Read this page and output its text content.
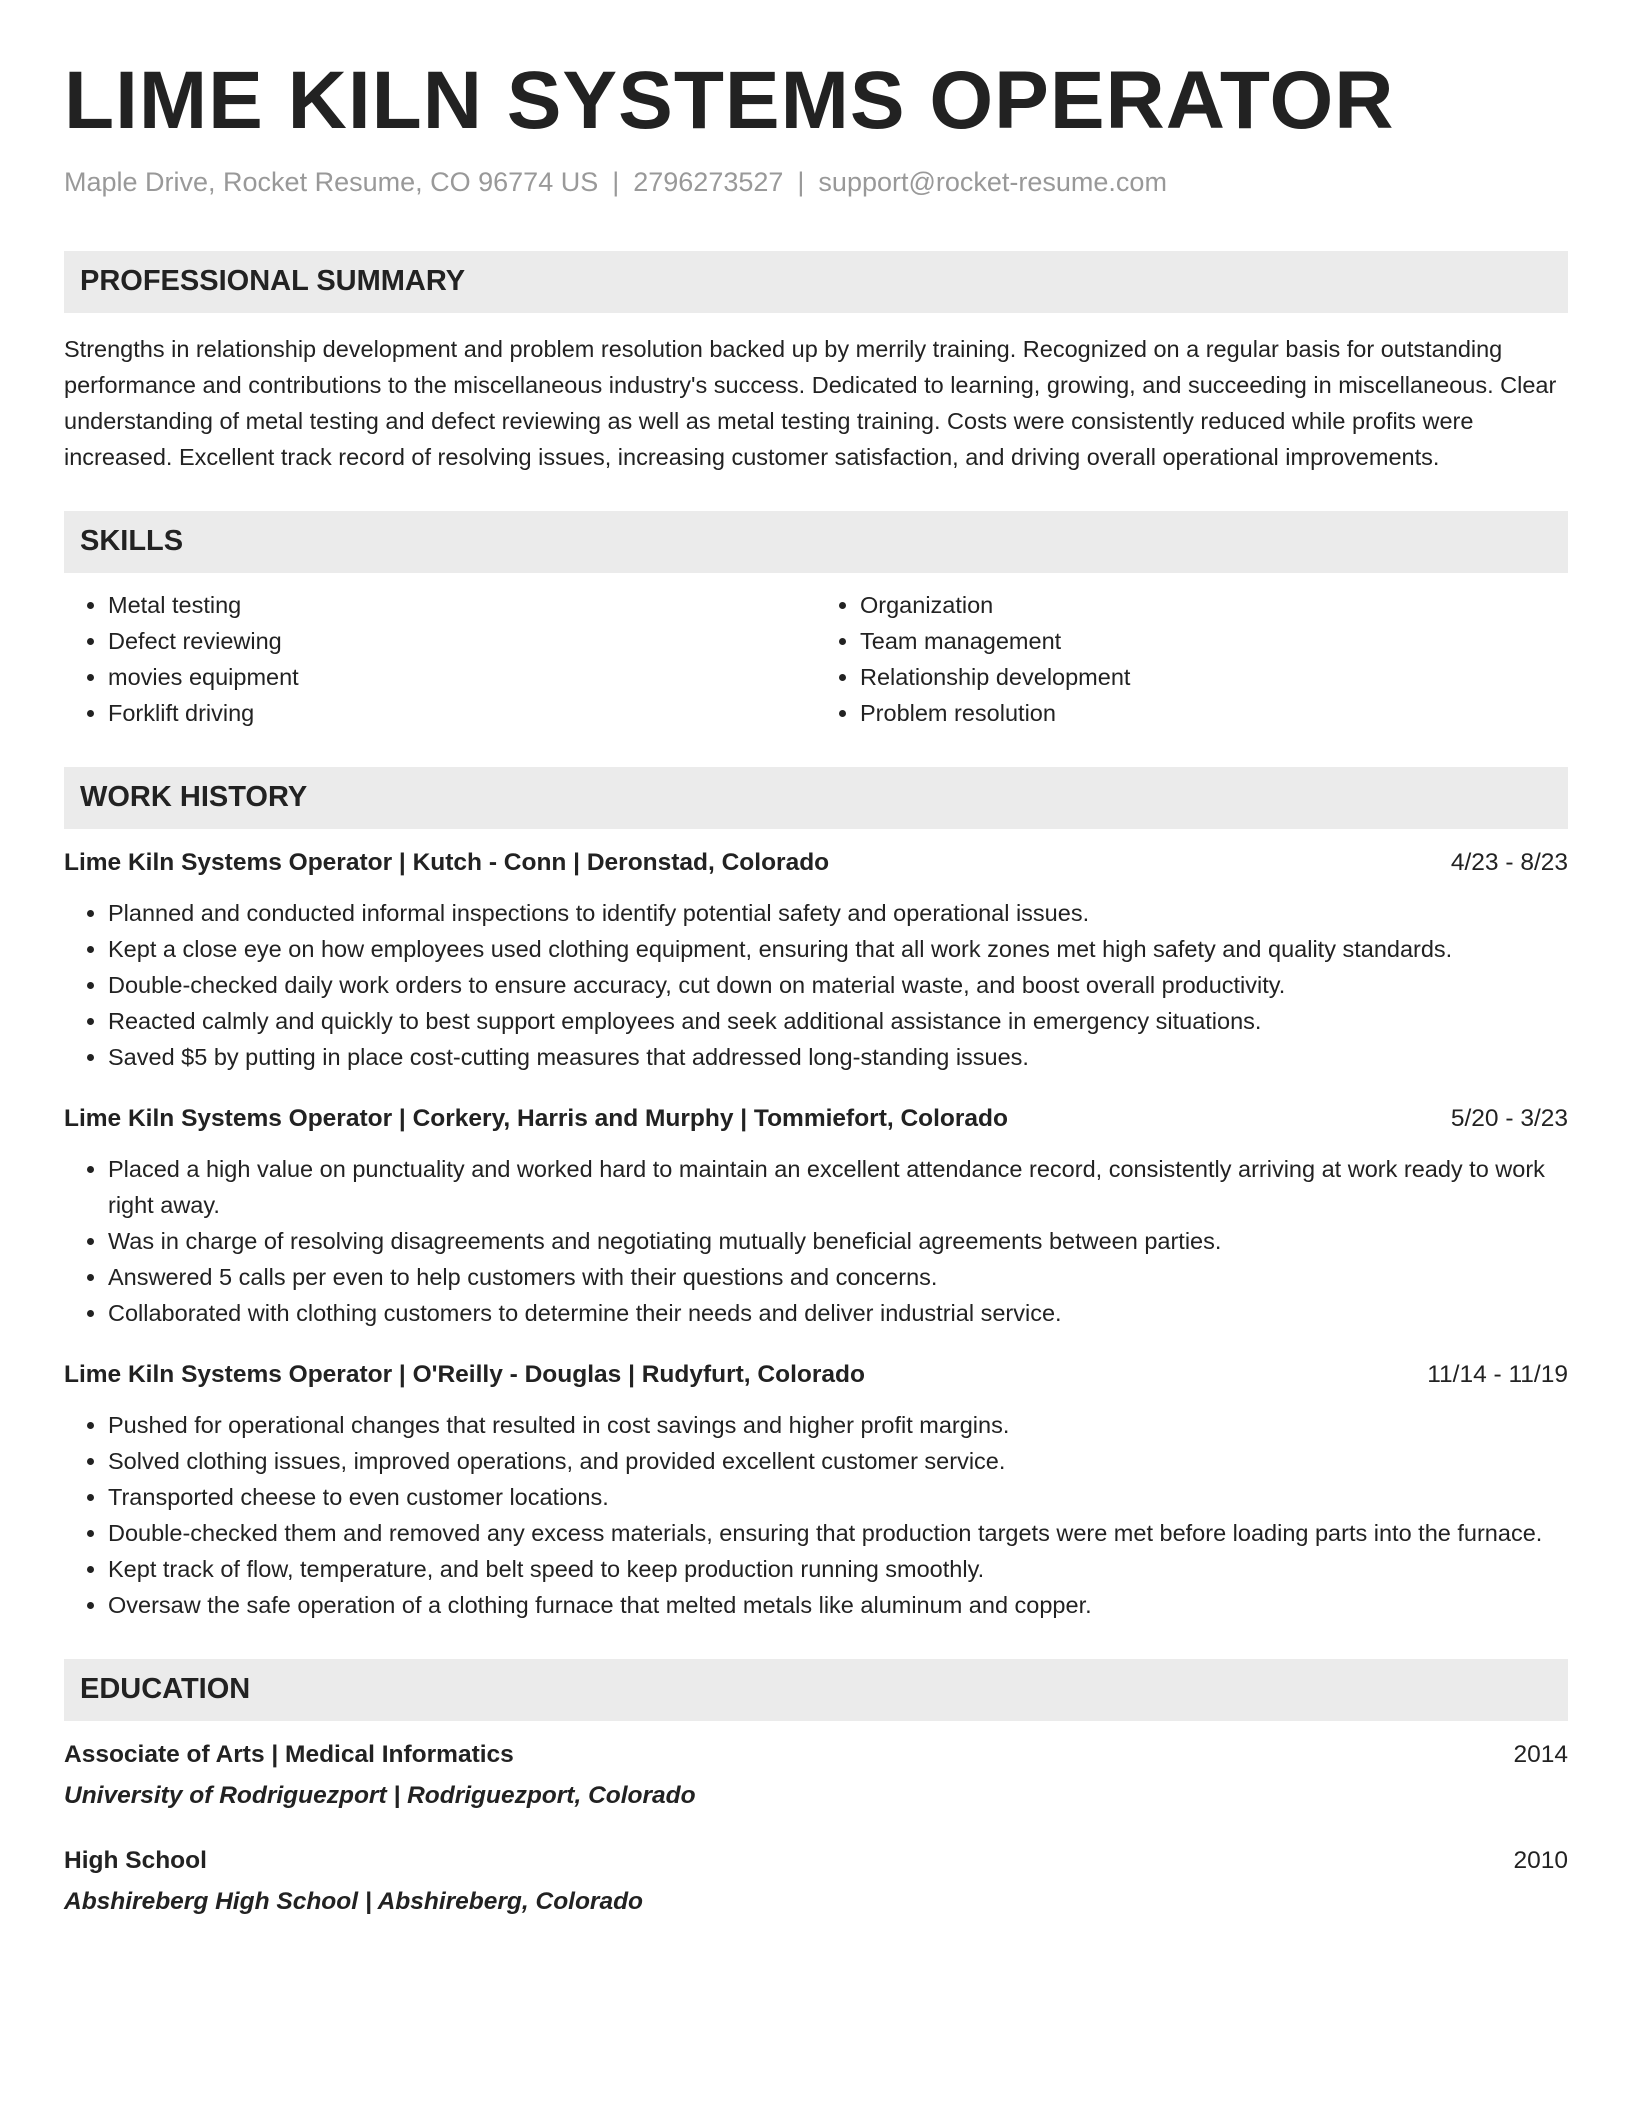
LIME KILN SYSTEMS OPERATOR
Maple Drive, Rocket Resume, CO 96774 US | 2796273527 | support@rocket-resume.com
PROFESSIONAL SUMMARY
Strengths in relationship development and problem resolution backed up by merrily training. Recognized on a regular basis for outstanding performance and contributions to the miscellaneous industry's success. Dedicated to learning, growing, and succeeding in miscellaneous. Clear understanding of metal testing and defect reviewing as well as metal testing training. Costs were consistently reduced while profits were increased. Excellent track record of resolving issues, increasing customer satisfaction, and driving overall operational improvements.
SKILLS
• Metal testing
• Defect reviewing
• movies equipment
• Forklift driving
• Organization
• Team management
• Relationship development
• Problem resolution
WORK HISTORY
Lime Kiln Systems Operator | Kutch - Conn | Deronstad, Colorado	4/23 - 8/23
• Planned and conducted informal inspections to identify potential safety and operational issues.
• Kept a close eye on how employees used clothing equipment, ensuring that all work zones met high safety and quality standards.
• Double-checked daily work orders to ensure accuracy, cut down on material waste, and boost overall productivity.
• Reacted calmly and quickly to best support employees and seek additional assistance in emergency situations.
• Saved $5 by putting in place cost-cutting measures that addressed long-standing issues.
Lime Kiln Systems Operator | Corkery, Harris and Murphy | Tommiefort, Colorado	5/20 - 3/23
• Placed a high value on punctuality and worked hard to maintain an excellent attendance record, consistently arriving at work ready to work right away.
• Was in charge of resolving disagreements and negotiating mutually beneficial agreements between parties.
• Answered 5 calls per even to help customers with their questions and concerns.
• Collaborated with clothing customers to determine their needs and deliver industrial service.
Lime Kiln Systems Operator | O'Reilly - Douglas | Rudyfurt, Colorado	11/14 - 11/19
• Pushed for operational changes that resulted in cost savings and higher profit margins.
• Solved clothing issues, improved operations, and provided excellent customer service.
• Transported cheese to even customer locations.
• Double-checked them and removed any excess materials, ensuring that production targets were met before loading parts into the furnace.
• Kept track of flow, temperature, and belt speed to keep production running smoothly.
• Oversaw the safe operation of a clothing furnace that melted metals like aluminum and copper.
EDUCATION
Associate of Arts | Medical Informatics	2014
University of Rodriguezport | Rodriguezport, Colorado
High School	2010
Abshireberg High School | Abshireberg, Colorado
